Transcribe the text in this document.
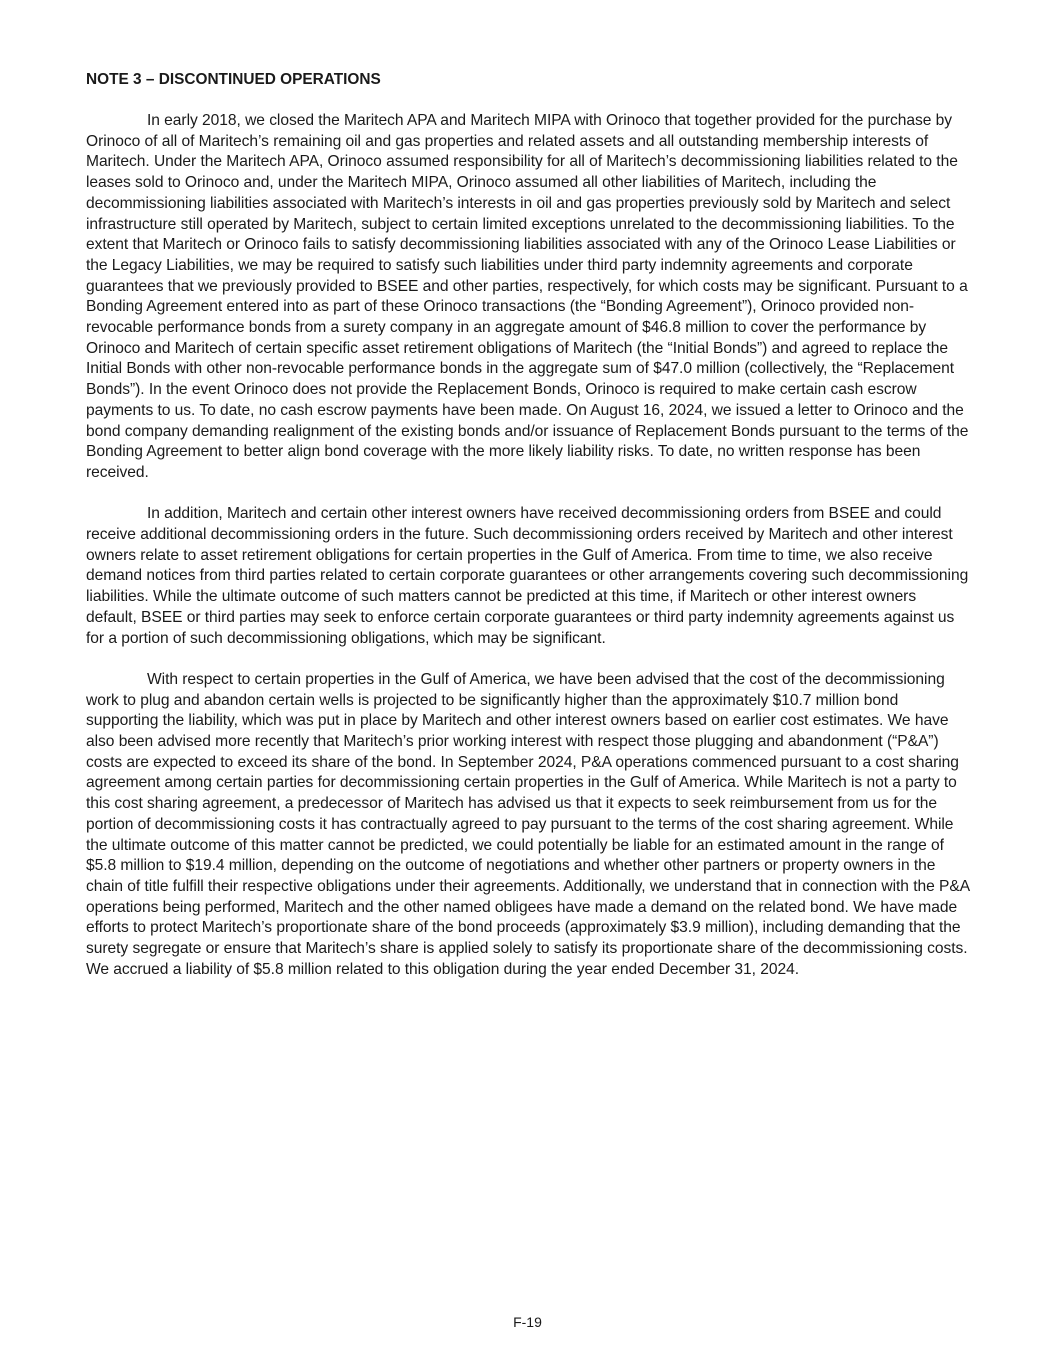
NOTE 3 – DISCONTINUED OPERATIONS

In early 2018, we closed the Maritech APA and Maritech MIPA with Orinoco that together provided for the purchase by Orinoco of all of Maritech’s remaining oil and gas properties and related assets and all outstanding membership interests of Maritech. Under the Maritech APA, Orinoco assumed responsibility for all of Maritech’s decommissioning liabilities related to the leases sold to Orinoco and, under the Maritech MIPA, Orinoco assumed all other liabilities of Maritech, including the decommissioning liabilities associated with Maritech’s interests in oil and gas properties previously sold by Maritech and select infrastructure still operated by Maritech, subject to certain limited exceptions unrelated to the decommissioning liabilities. To the extent that Maritech or Orinoco fails to satisfy decommissioning liabilities associated with any of the Orinoco Lease Liabilities or the Legacy Liabilities, we may be required to satisfy such liabilities under third party indemnity agreements and corporate guarantees that we previously provided to BSEE and other parties, respectively, for which costs may be significant. Pursuant to a Bonding Agreement entered into as part of these Orinoco transactions (the “Bonding Agreement”), Orinoco provided non-revocable performance bonds from a surety company in an aggregate amount of $46.8 million to cover the performance by Orinoco and Maritech of certain specific asset retirement obligations of Maritech (the “Initial Bonds”) and agreed to replace the Initial Bonds with other non-revocable performance bonds in the aggregate sum of $47.0 million (collectively, the “Replacement Bonds”). In the event Orinoco does not provide the Replacement Bonds, Orinoco is required to make certain cash escrow payments to us. To date, no cash escrow payments have been made. On August 16, 2024, we issued a letter to Orinoco and the bond company demanding realignment of the existing bonds and/or issuance of Replacement Bonds pursuant to the terms of the Bonding Agreement to better align bond coverage with the more likely liability risks. To date, no written response has been received.

In addition, Maritech and certain other interest owners have received decommissioning orders from BSEE and could receive additional decommissioning orders in the future. Such decommissioning orders received by Maritech and other interest owners relate to asset retirement obligations for certain properties in the Gulf of America. From time to time, we also receive demand notices from third parties related to certain corporate guarantees or other arrangements covering such decommissioning liabilities. While the ultimate outcome of such matters cannot be predicted at this time, if Maritech or other interest owners default, BSEE or third parties may seek to enforce certain corporate guarantees or third party indemnity agreements against us for a portion of such decommissioning obligations, which may be significant.

With respect to certain properties in the Gulf of America, we have been advised that the cost of the decommissioning work to plug and abandon certain wells is projected to be significantly higher than the approximately $10.7 million bond supporting the liability, which was put in place by Maritech and other interest owners based on earlier cost estimates. We have also been advised more recently that Maritech’s prior working interest with respect those plugging and abandonment (“P&A”) costs are expected to exceed its share of the bond. In September 2024, P&A operations commenced pursuant to a cost sharing agreement among certain parties for decommissioning certain properties in the Gulf of America. While Maritech is not a party to this cost sharing agreement, a predecessor of Maritech has advised us that it expects to seek reimbursement from us for the portion of decommissioning costs it has contractually agreed to pay pursuant to the terms of the cost sharing agreement. While the ultimate outcome of this matter cannot be predicted, we could potentially be liable for an estimated amount in the range of $5.8 million to $19.4 million, depending on the outcome of negotiations and whether other partners or property owners in the chain of title fulfill their respective obligations under their agreements. Additionally, we understand that in connection with the P&A operations being performed, Maritech and the other named obligees have made a demand on the related bond. We have made efforts to protect Maritech’s proportionate share of the bond proceeds (approximately $3.9 million), including demanding that the surety segregate or ensure that Maritech’s share is applied solely to satisfy its proportionate share of the decommissioning costs. We accrued a liability of $5.8 million related to this obligation during the year ended December 31, 2024.

F-19
